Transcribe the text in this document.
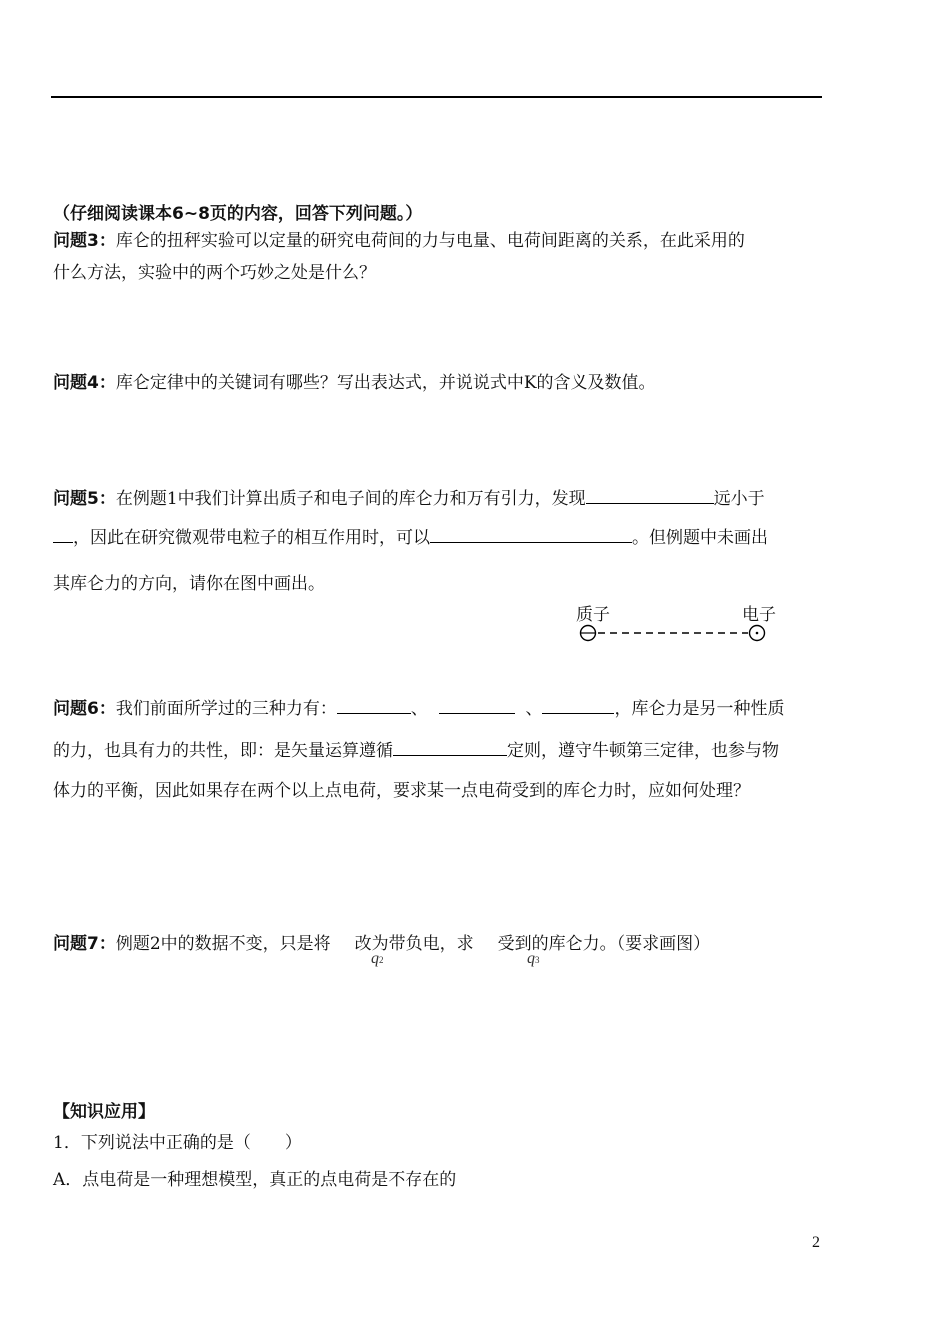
（仔细阅读课本6~8页的内容，回答下列问题。）
问题3：库仑的扭秤实验可以定量的研究电荷间的力与电量、电荷间距离的关系，在此采用的
什么方法，实验中的两个巧妙之处是什么？
问题4：库仑定律中的关键词有哪些？写出表达式，并说说式中K的含义及数值。
问题5：在例题1中我们计算出质子和电子间的库仑力和万有引力，发现	远小于
，因此在研究微观带电粒子的相互作用时，可以	。但例题中未画出
其库仑力的方向，请你在图中画出。
质子	电子
问题6：我们前面所学过的三种力有：	、	、	，库仑力是另一种性质
的力，也具有力的共性，即：是矢量运算遵循	定则，遵守牛顿第三定律，也参与物
体力的平衡，因此如果存在两个以上点电荷，要求某一点电荷受到的库仑力时，应如何处理？
问题7：例题2中的数据不变，只是将 改为带负电，求 受到的库仑力。（要求画图）
q2	q3
【知识应用】
1．下列说法中正确的是（　　）
A．点电荷是一种理想模型，真正的点电荷是不存在的
2
